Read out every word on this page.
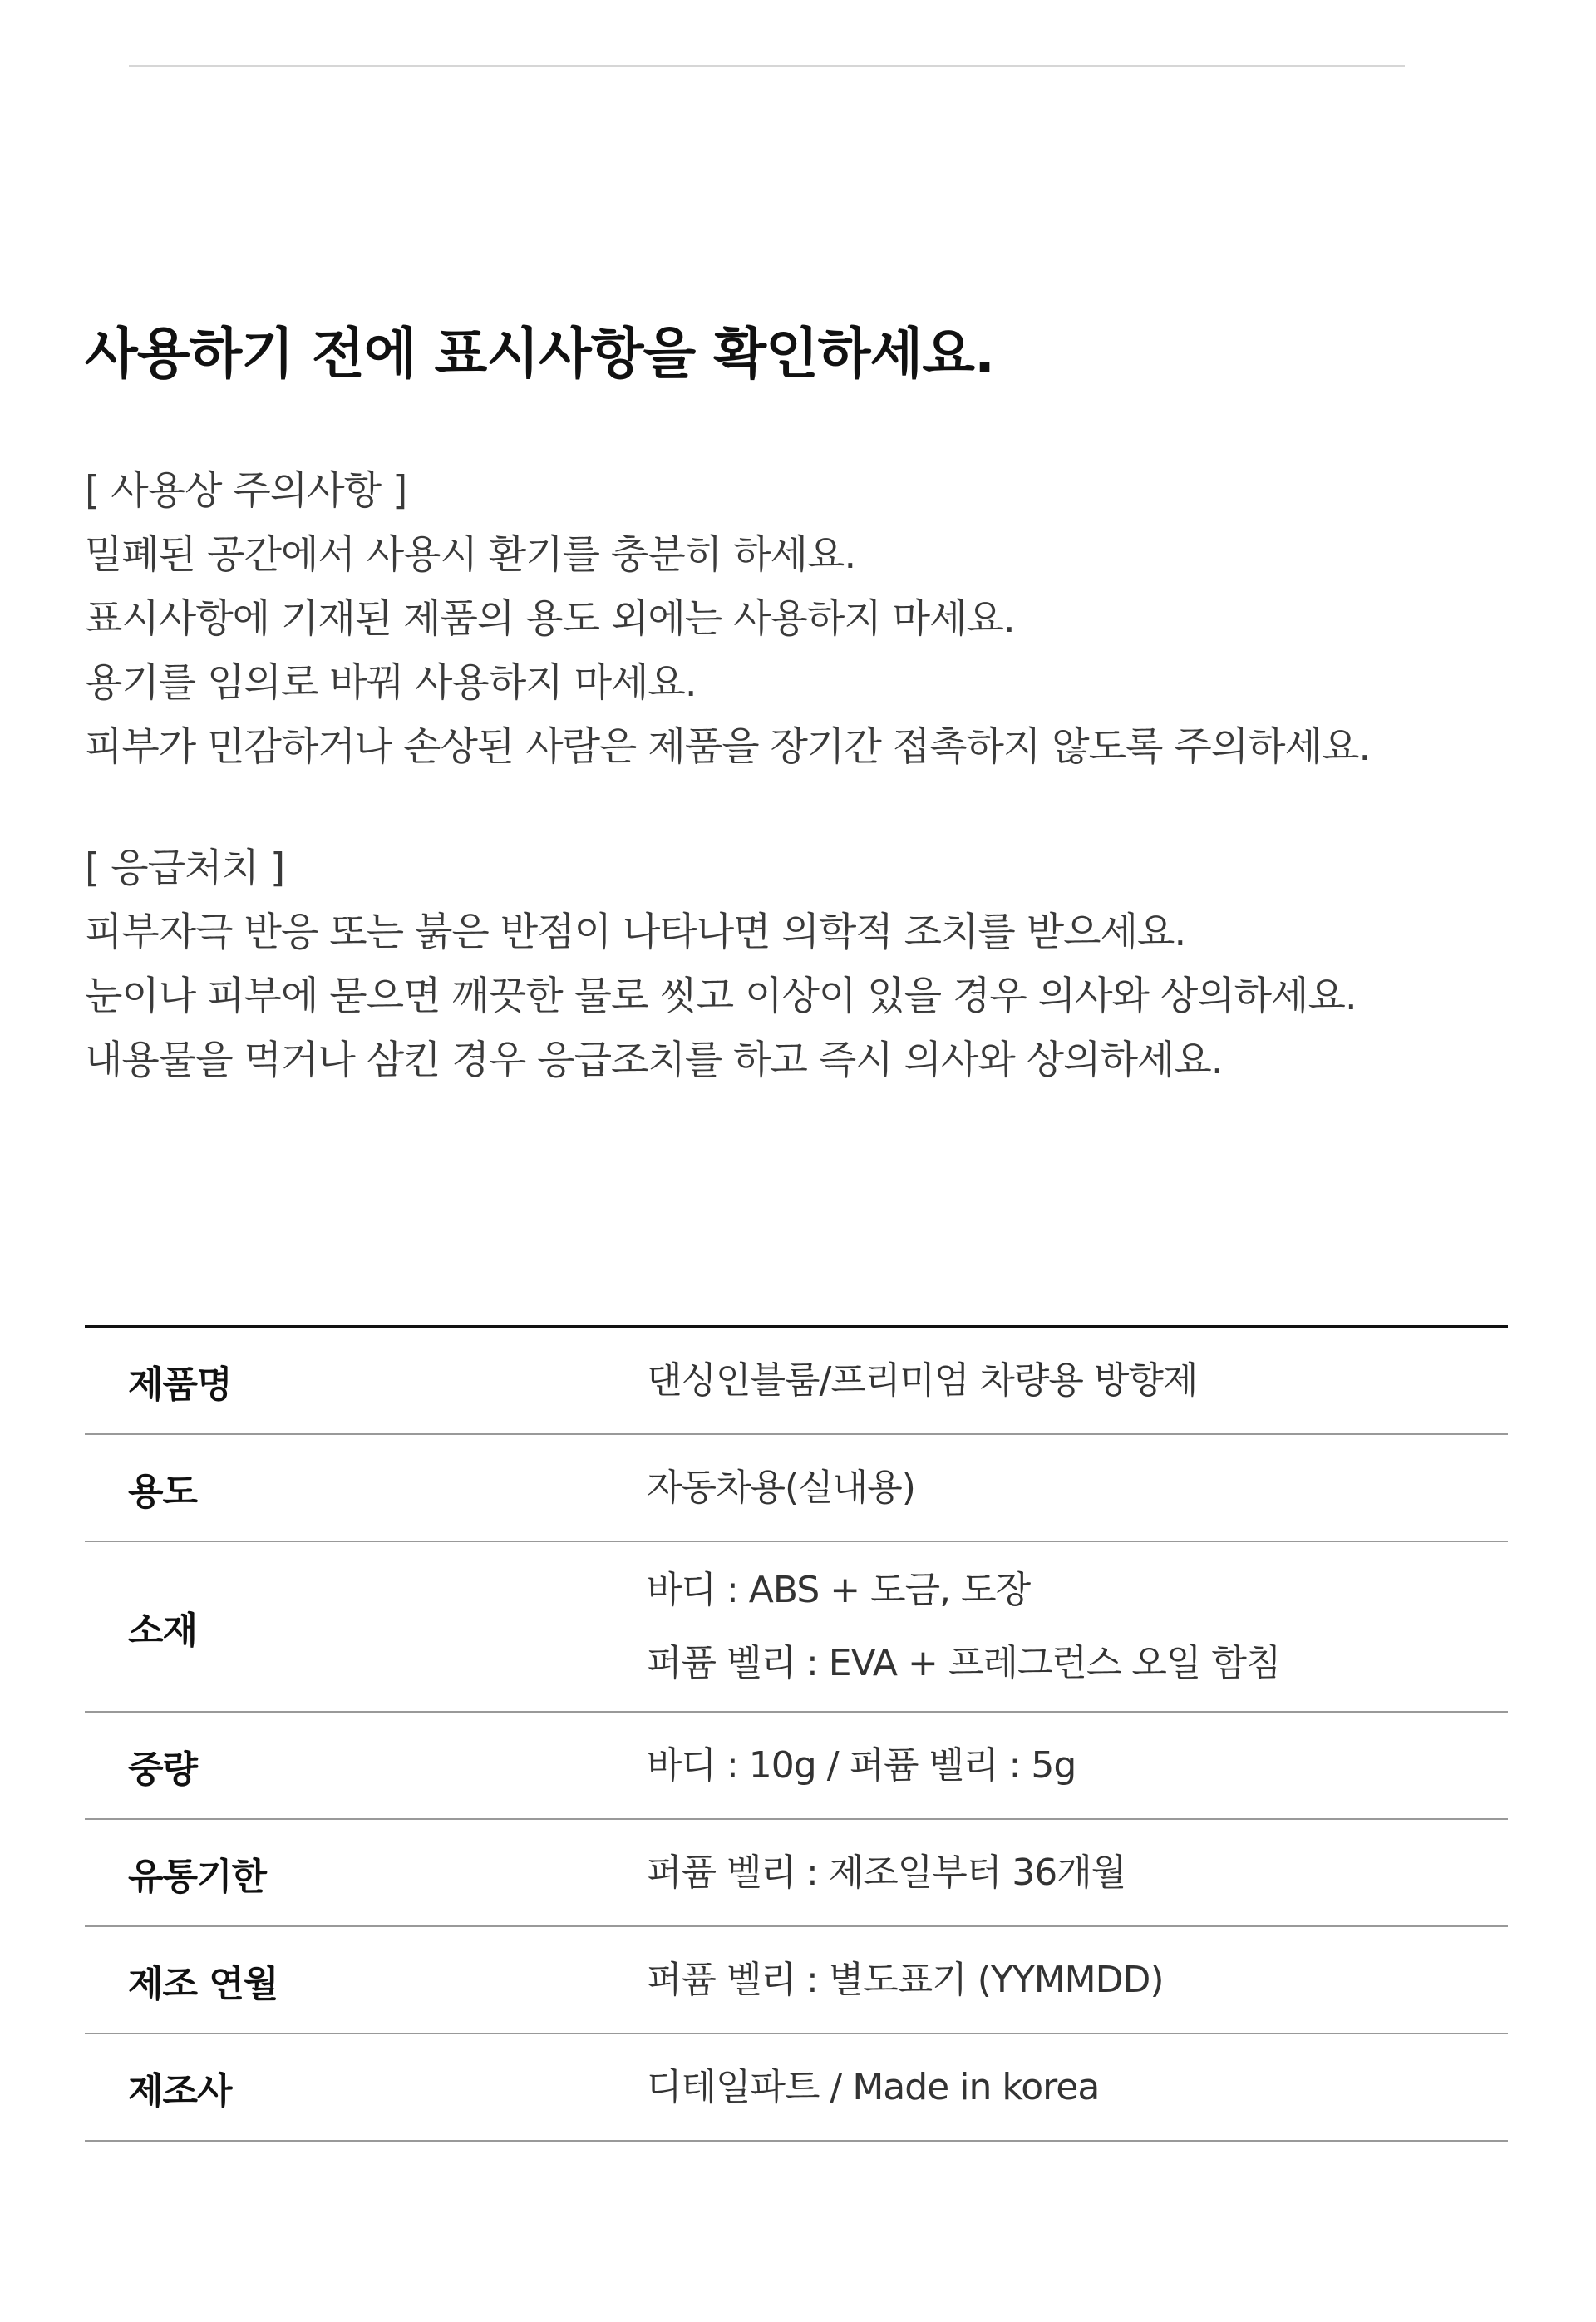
사용하기 전에 표시사항을 확인하세요.
[ 사용상 주의사항 ]
밀폐된 공간에서 사용시 환기를 충분히 하세요.
표시사항에 기재된 제품의 용도 외에는 사용하지 마세요.
용기를 임의로 바꿔 사용하지 마세요.
피부가 민감하거나 손상된 사람은 제품을 장기간 접촉하지 않도록 주의하세요.
[ 응급처치 ]
피부자극 반응 또는 붉은 반점이 나타나면 의학적 조치를 받으세요.
눈이나 피부에 묻으면 깨끗한 물로 씻고 이상이 있을 경우 의사와 상의하세요.
내용물을 먹거나 삼킨 경우 응급조치를 하고 즉시 의사와 상의하세요.
제품명	댄싱인블룸/프리미엄 차량용 방향제

용도	자동차용(실내용)

소재	바디 : ABS + 도금, 도장
퍼퓸 벨리 : EVA + 프레그런스 오일 함침

중량	바디 : 10g / 퍼퓸 벨리 : 5g

유통기한	퍼퓸 벨리 : 제조일부터 36개월

제조 연월	퍼퓸 벨리 : 별도표기 (YYMMDD)

제조사	디테일파트 / Made in korea
